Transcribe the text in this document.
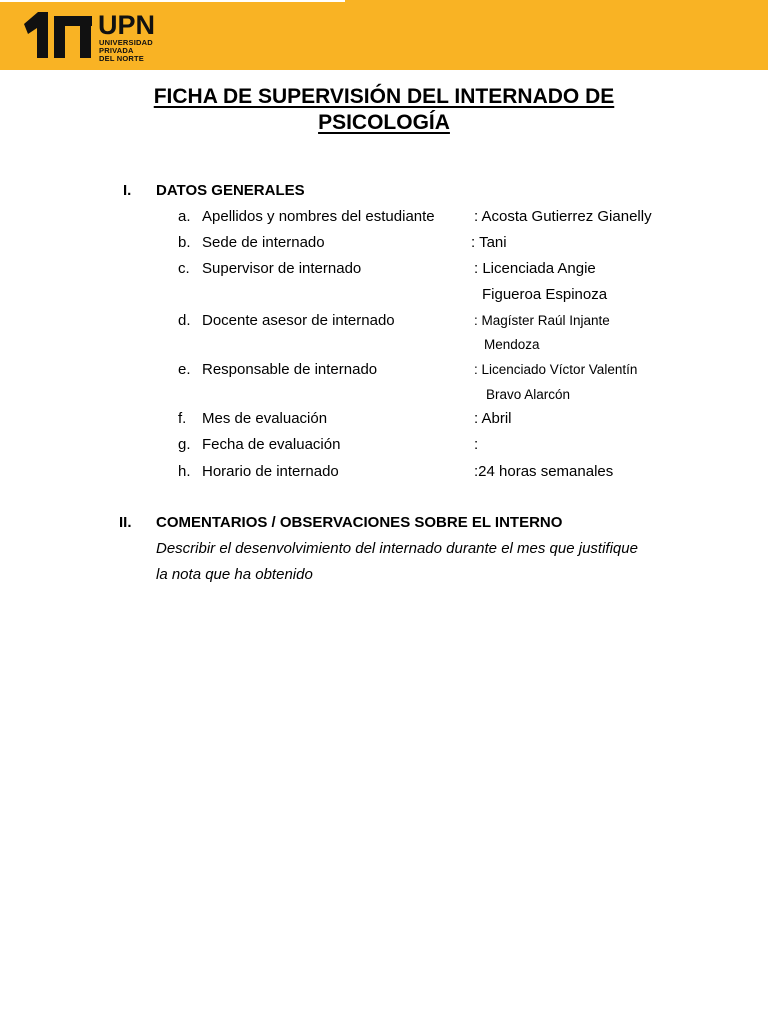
UPN
UNIVERSIDAD
PRIVADA
DEL NORTE
FICHA DE SUPERVISIÓN DEL INTERNADO DE
PSICOLOGÍA
I. DATOS GENERALES
a. Apellidos y nombres del estudiante	: Acosta Gutierrez Gianelly
b. Sede de internado	: Tani
c. Supervisor de internado	: Licenciada Angie
Figueroa Espinoza
d. Docente asesor de internado	: Magíster Raúl Injante
Mendoza
e. Responsable de internado	: Licenciado Víctor Valentín
Bravo Alarcón
f. Mes de evaluación	: Abril
g. Fecha de evaluación	:
h. Horario de internado	:24 horas semanales
II. COMENTARIOS / OBSERVACIONES SOBRE EL INTERNO
Describir el desenvolvimiento del internado durante el mes que justifique
la nota que ha obtenido
